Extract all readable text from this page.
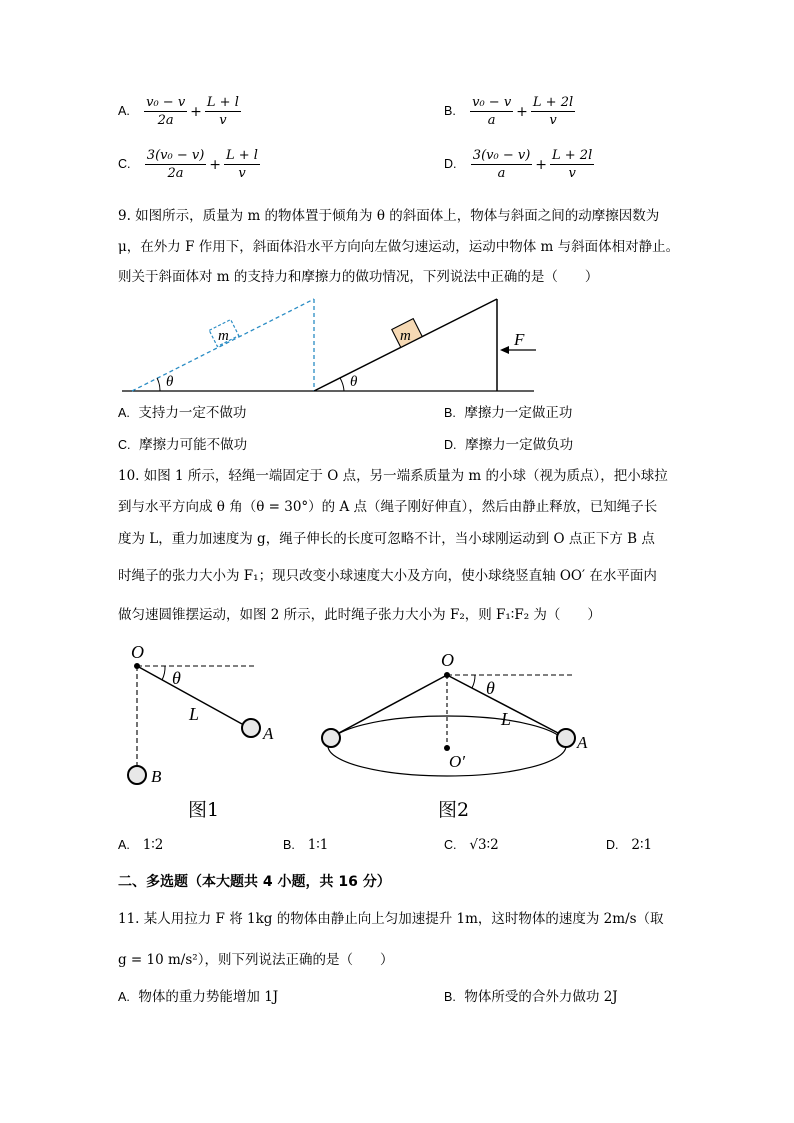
A. $\frac{\text{v₀ − v}}{2a} + \frac{L + l}{v}$	B. $\frac{\text{v₀ − v}}{a} + \frac{L + 2l}{v}$
C. $\frac{\text{3(v₀ − v)}}{2a} + \frac{L + l}{v}$	D. $\frac{\text{3(v₀ − v)}}{a} + \frac{L + 2l}{v}$
9. 如图所示，质量为 m 的物体置于倾角为 θ 的斜面体上，物体与斜面之间的动摩擦因数为
μ，在外力 F 作用下，斜面体沿水平方向向左做匀速运动，运动中物体 m 与斜面体相对静止。
则关于斜面体对 m 的支持力和摩擦力的做功情况，下列说法中正确的是（　　）
m
θ
m
θ
F
A. 支持力一定不做功	B. 摩擦力一定做正功
C. 摩擦力可能不做功	D. 摩擦力一定做负功
10. 如图 1 所示，轻绳一端固定于 O 点，另一端系质量为 m 的小球（视为质点），把小球拉
到与水平方向成 θ 角（θ = 30°）的 A 点（绳子刚好伸直），然后由静止释放，已知绳子长
度为 L，重力加速度为 g，绳子伸长的长度可忽略不计，当小球刚运动到 O 点正下方 B 点
时绳子的张力大小为 F₁；现只改变小球速度大小及方向，使小球绕竖直轴 OO′ 在水平面内
做匀速圆锥摆运动，如图 2 所示，此时绳子张力大小为 F₂，则 F₁∶F₂ 为（　　）
O
θ
L
A
B
图1
O
θ
L
A
O′
图2
A. 1∶2	B. 1∶1	C. √3∶2	D. 2∶1
二、多选题（本大题共 4 小题，共 16 分）
11. 某人用拉力 F 将 1kg 的物体由静止向上匀加速提升 1m，这时物体的速度为 2m/s（取
g = 10 m/s²），则下列说法正确的是（　　）
A. 物体的重力势能增加 1J	B. 物体所受的合外力做功 2J
